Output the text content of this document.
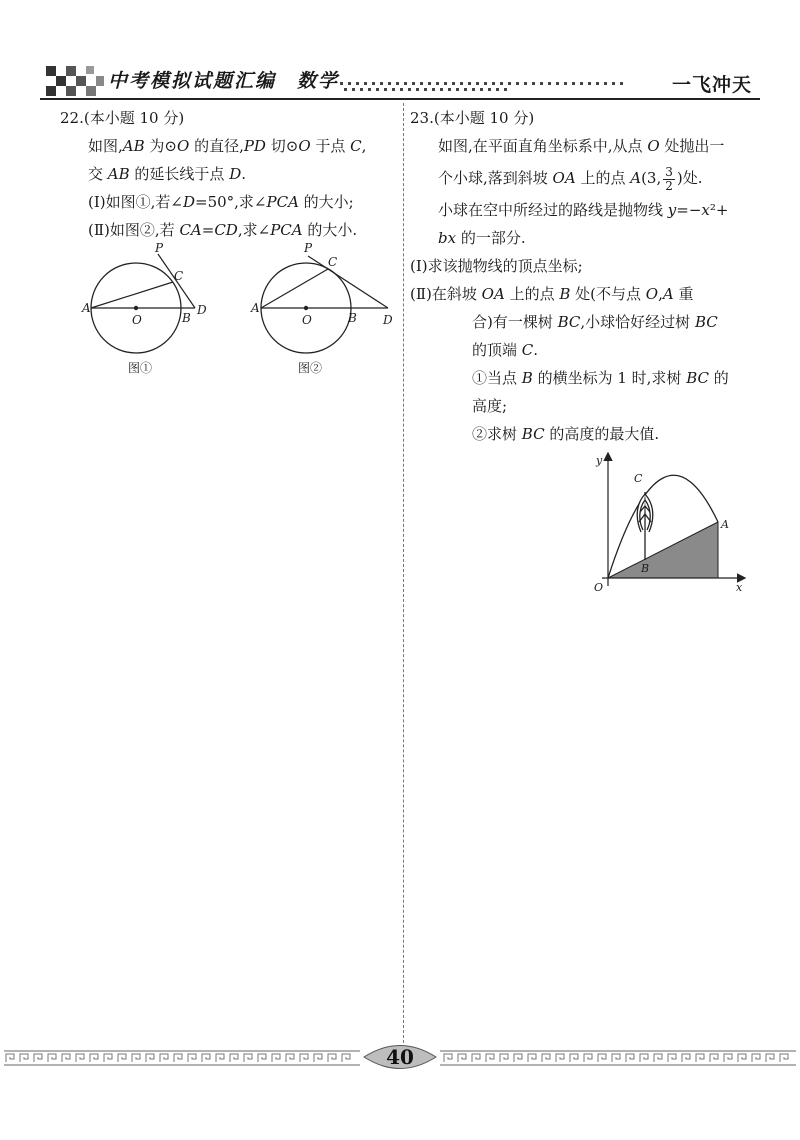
中考模拟试题汇编　数学	一飞冲天

22.(本小题 10 分)

如图,AB 为⊙O 的直径,PD 切⊙O 于点 C,

交 AB 的延长线于点 D.

(Ⅰ)如图①,若∠D=50°,求∠PCA 的大小;

(Ⅱ)如图②,若 CA=CD,求∠PCA 的大小.

P
C
A
O	B
D
图①
P
C
A
O	B D
图②

23.(本小题 10 分)

如图,在平面直角坐标系中,从点 O 处抛出一

个小球,落到斜坡 OA 上的点 A(3, $\frac{3}{2}$ )处.

小球在空中所经过的路线是抛物线 y=−x²+

bx 的一部分.

(Ⅰ)求该抛物线的顶点坐标;

(Ⅱ)在斜坡 OA 上的点 B 处(不与点 O,A 重

合)有一棵树 BC,小球恰好经过树 BC

的顶端 C.

①当点 B 的横坐标为 1 时,求树 BC 的

高度;

②求树 BC 的高度的最大值.

y
x
O
A
B
C
40
